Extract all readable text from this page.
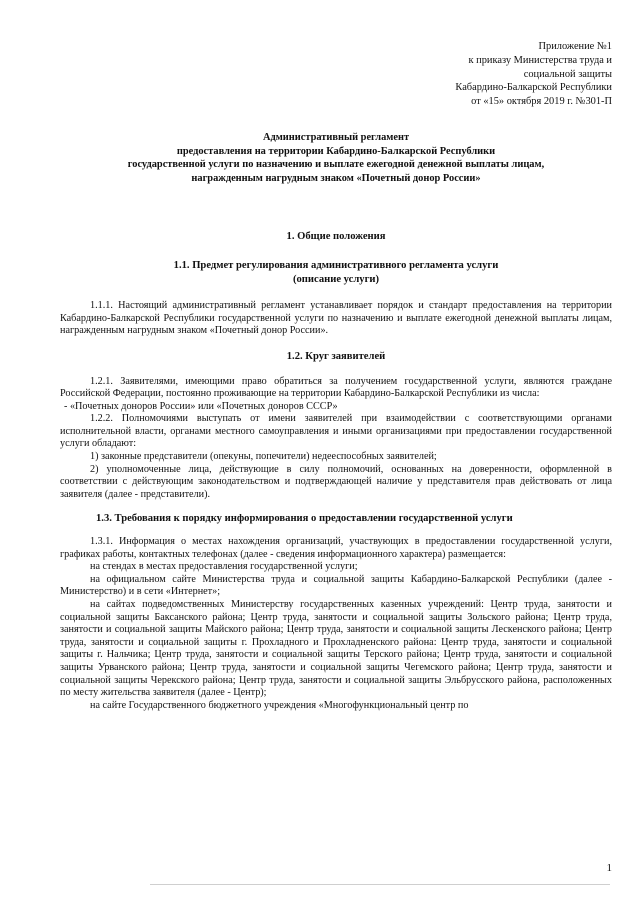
Приложение №1
к приказу Министерства труда и
социальной защиты
Кабардино-Балкарской Республики
от «15» октября 2019 г. №301-П
Административный регламент
предоставления на территории Кабардино-Балкарской Республики
государственной услуги по назначению и выплате ежегодной денежной выплаты лицам,
награжденным нагрудным знаком «Почетный донор России»
1. Общие положения
1.1. Предмет регулирования административного регламента услуги
(описание услуги)

1.1.1. Настоящий административный регламент устанавливает порядок и стандарт предоставления на территории Кабардино-Балкарской Республики государственной услуги по назначению и выплате ежегодной денежной выплаты лицам, награжденным нагрудным знаком «Почетный донор России».

1.2. Круг заявителей

1.2.1. Заявителями, имеющими право обратиться за получением государственной услуги, являются граждане Российской Федерации, постоянно проживающие на территории Кабардино-Балкарской Республики из числа:

- «Почетных доноров России» или «Почетных доноров СССР»

1.2.2. Полномочиями выступать от имени заявителей при взаимодействии с соответствующими органами исполнительной власти, органами местного самоуправления и иными организациями при предоставлении государственной услуги обладают:

1) законные представители (опекуны, попечители) недееспособных заявителей;

2) уполномоченные лица, действующие в силу полномочий, основанных на доверенности, оформленной в соответствии с действующим законодательством и подтверждающей наличие у представителя прав действовать от лица заявителя (далее - представители).

1.3. Требования к порядку информирования о предоставлении государственной услуги

1.3.1. Информация о местах нахождения организаций, участвующих в предоставлении государственной услуги, графиках работы, контактных телефонах (далее - сведения информационного характера) размещается:

на стендах в местах предоставления государственной услуги;

на официальном сайте Министерства труда и социальной защиты Кабардино-Балкарской Республики (далее - Министерство) и в сети «Интернет»;

на сайтах подведомственных Министерству государственных казенных учреждений: Центр труда, занятости и социальной защиты Баксанского района; Центр труда, занятости и социальной защиты Зольского района; Центр труда, занятости и социальной защиты Майского района; Центр труда, занятости и социальной защиты Лескенского района; Центр труда, занятости и социальной защиты г. Прохладного и Прохладненского района: Центр труда, занятости и социальной защиты г. Нальчика; Центр труда, занятости и социальной защиты Терского района; Центр труда, занятости и социальной защиты Урванского района; Центр труда, занятости и социальной защиты Чегемского района; Центр труда, занятости и социальной защиты Черекского района; Центр труда, занятости и социальной защиты Эльбрусского района, расположенных по месту жительства заявителя (далее - Центр);

на сайте Государственного бюджетного учреждения «Многофункциональный центр по

1
